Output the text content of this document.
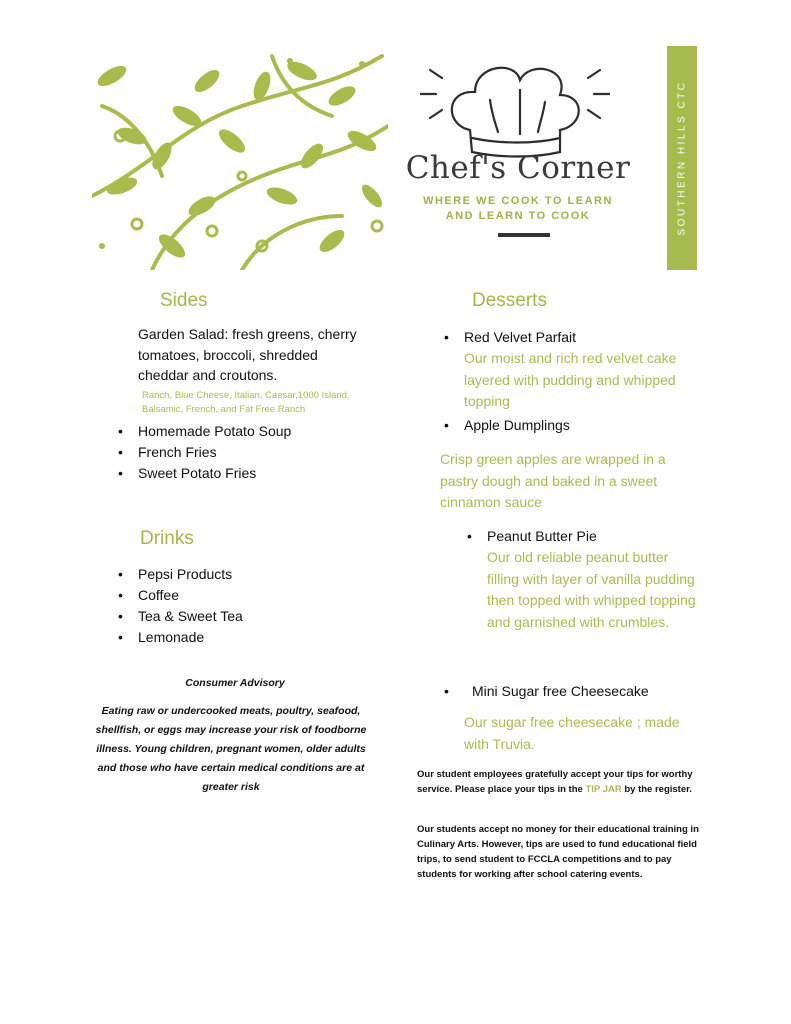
Chef's Corner
WHERE WE COOK TO LEARN
AND LEARN TO COOK	SOUTHERN HILLS CTC
Sides
Garden Salad: fresh greens, cherry tomatoes, broccoli, shredded cheddar and croutons.
Ranch, Blue Cheese, Italian, Caesar,1000 Island, Balsamic, French, and Fat Free Ranch
• Homemade Potato Soup
• French Fries
• Sweet Potato Fries
Drinks
• Pepsi Products
• Coffee
• Tea & Sweet Tea
• Lemonade
Consumer Advisory
Eating raw or undercooked meats, poultry, seafood, shellfish, or eggs may increase your risk of foodborne illness. Young children, pregnant women, older adults and those who have certain medical conditions are at greater risk
Desserts
• Red Velvet Parfait
Our moist and rich red velvet cake layered with pudding and whipped topping
• Apple Dumplings
Crisp green apples are wrapped in a pastry dough and baked in a sweet cinnamon sauce
• Peanut Butter Pie
Our old reliable peanut butter filling with layer of vanilla pudding then topped with whipped topping and garnished with crumbles.
• Mini Sugar free Cheesecake
Our sugar free cheesecake ; made with Truvia.
Our student employees gratefully accept your tips for worthy service. Please place your tips in the TIP JAR by the register.
Our students accept no money for their educational training in Culinary Arts. However, tips are used to fund educational field trips, to send student to FCCLA competitions and to pay students for working after school catering events.
